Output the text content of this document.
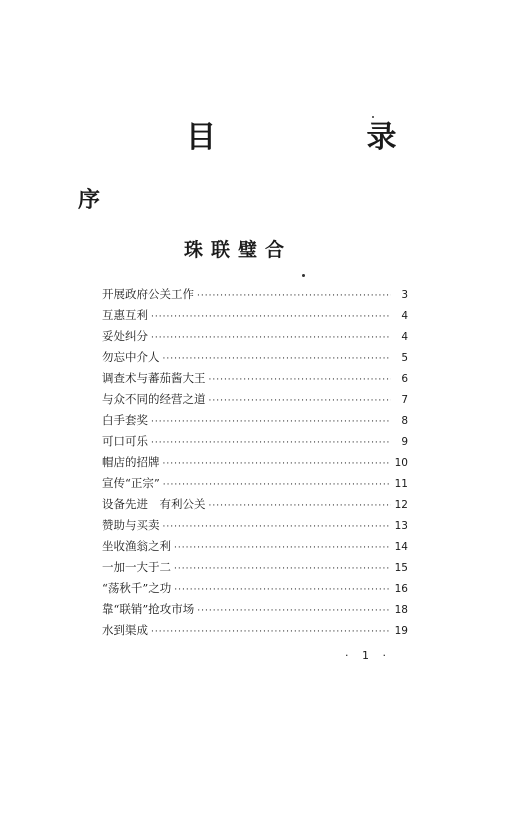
目 录
序
珠联璧合
开展政府公关工作 ·····	3
互惠互利 ·····	4
妥处纠分 ·····	4
勿忘中介人 ·····	5
调查术与蕃茄酱大王 ·····	6
与众不同的经营之道 ·····	7
白手套奖 ·····	8
可口可乐 ·····	9
帽店的招牌 ·····	10
宣传“正宗” ·····	11
设备先进　有利公关 ·····	12
赞助与买卖 ·····	13
坐收渔翁之利 ·····	14
一加一大于二 ·····	15
“荡秋千”之功 ·····	16
靠“联销”抢攻市场 ·····	18
水到渠成 ·····	19
· 1 ·
